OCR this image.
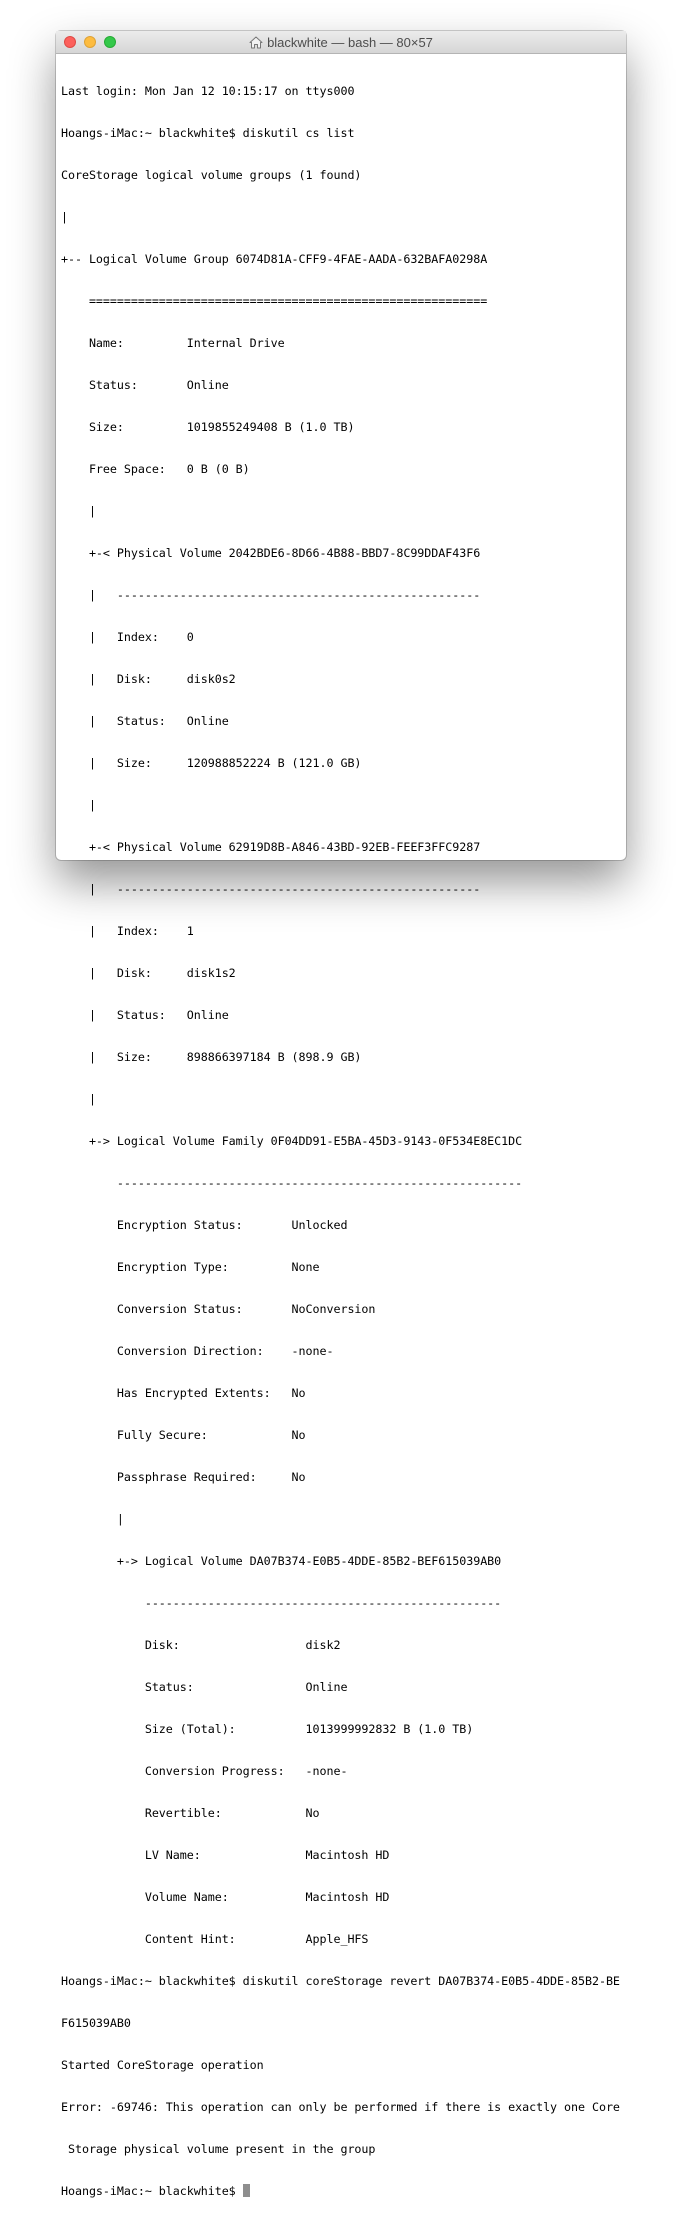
blackwhite — bash — 80×57

Last login: Mon Jan 12 10:15:17 on ttys000

Hoangs-iMac:~ blackwhite$ diskutil cs list

CoreStorage logical volume groups (1 found)

|

+-- Logical Volume Group 6074D81A-CFF9-4FAE-AADA-632BAFA0298A

=========================================================

Name:         Internal Drive

Status:       Online

Size:         1019855249408 B (1.0 TB)

Free Space:   0 B (0 B)

|

+-< Physical Volume 2042BDE6-8D66-4B88-BBD7-8C99DDAF43F6

|   ----------------------------------------------------

|   Index:    0

|   Disk:     disk0s2

|   Status:   Online

|   Size:     120988852224 B (121.0 GB)

|

+-< Physical Volume 62919D8B-A846-43BD-92EB-FEEF3FFC9287

|   ----------------------------------------------------

|   Index:    1

|   Disk:     disk1s2

|   Status:   Online

|   Size:     898866397184 B (898.9 GB)

|

+-> Logical Volume Family 0F04DD91-E5BA-45D3-9143-0F534E8EC1DC

----------------------------------------------------------

Encryption Status:       Unlocked

Encryption Type:         None

Conversion Status:       NoConversion

Conversion Direction:    -none-

Has Encrypted Extents:   No

Fully Secure:            No

Passphrase Required:     No

|

+-> Logical Volume DA07B374-E0B5-4DDE-85B2-BEF615039AB0

---------------------------------------------------

Disk:                  disk2

Status:                Online

Size (Total):          1013999992832 B (1.0 TB)

Conversion Progress:   -none-

Revertible:            No

LV Name:               Macintosh HD

Volume Name:           Macintosh HD

Content Hint:          Apple_HFS

Hoangs-iMac:~ blackwhite$ diskutil coreStorage revert DA07B374-E0B5-4DDE-85B2-BE

F615039AB0

Started CoreStorage operation

Error: -69746: This operation can only be performed if there is exactly one Core

Storage physical volume present in the group

Hoangs-iMac:~ blackwhite$
